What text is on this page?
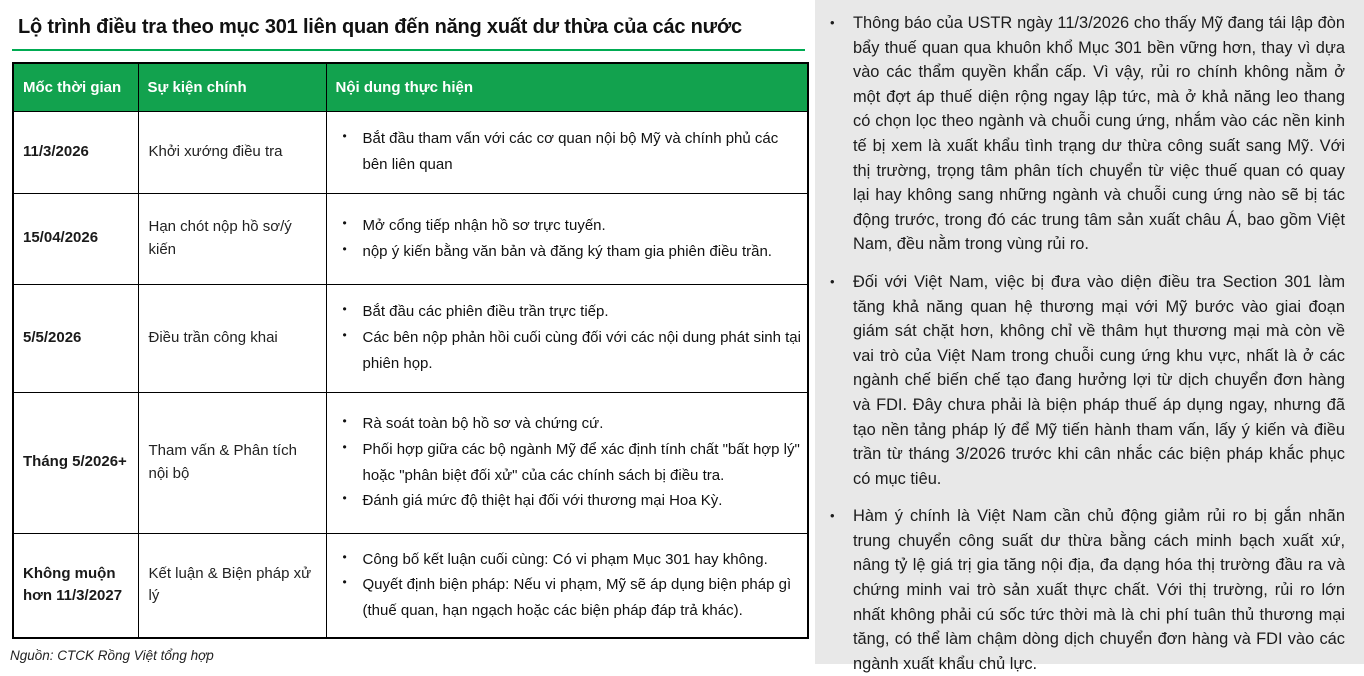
Lộ trình điều tra theo mục 301 liên quan đến năng xuất dư thừa của các nước
Mốc thời gian	Sự kiện chính	Nội dung thực hiện
11/3/2026	Khởi xướng điều tra	
• Bắt đầu tham vấn với các cơ quan nội bộ Mỹ và chính phủ các bên liên quan

15/04/2026	Hạn chót nộp hồ sơ/ý kiến	
• Mở cổng tiếp nhận hồ sơ trực tuyến.
• nộp ý kiến bằng văn bản và đăng ký tham gia phiên điều trần.

5/5/2026	Điều trần công khai	
• Bắt đầu các phiên điều trần trực tiếp.
• Các bên nộp phản hồi cuối cùng đối với các nội dung phát sinh tại phiên họp.

Tháng 5/2026+	Tham vấn & Phân tích nội bộ	
• Rà soát toàn bộ hồ sơ và chứng cứ.
• Phối hợp giữa các bộ ngành Mỹ để xác định tính chất "bất hợp lý" hoặc "phân biệt đối xử" của các chính sách bị điều tra.
• Đánh giá mức độ thiệt hại đối với thương mại Hoa Kỳ.

Không muộn hơn 11/3/2027	Kết luận & Biện pháp xử lý	
• Công bố kết luận cuối cùng: Có vi phạm Mục 301 hay không.
• Quyết định biện pháp: Nếu vi phạm, Mỹ sẽ áp dụng biện pháp gì (thuế quan, hạn ngạch hoặc các biện pháp đáp trả khác).
Nguồn: CTCK Rồng Việt tổng hợp
• Thông báo của USTR ngày 11/3/2026 cho thấy Mỹ đang tái lập đòn bẩy thuế quan qua khuôn khổ Mục 301 bền vững hơn, thay vì dựa vào các thẩm quyền khẩn cấp. Vì vậy, rủi ro chính không nằm ở một đợt áp thuế diện rộng ngay lập tức, mà ở khả năng leo thang có chọn lọc theo ngành và chuỗi cung ứng, nhắm vào các nền kinh tế bị xem là xuất khẩu tình trạng dư thừa công suất sang Mỹ. Với thị trường, trọng tâm phân tích chuyển từ việc thuế quan có quay lại hay không sang những ngành và chuỗi cung ứng nào sẽ bị tác động trước, trong đó các trung tâm sản xuất châu Á, bao gồm Việt Nam, đều nằm trong vùng rủi ro.
• Đối với Việt Nam, việc bị đưa vào diện điều tra Section 301 làm tăng khả năng quan hệ thương mại với Mỹ bước vào giai đoạn giám sát chặt hơn, không chỉ về thâm hụt thương mại mà còn về vai trò của Việt Nam trong chuỗi cung ứng khu vực, nhất là ở các ngành chế biến chế tạo đang hưởng lợi từ dịch chuyển đơn hàng và FDI. Đây chưa phải là biện pháp thuế áp dụng ngay, nhưng đã tạo nền tảng pháp lý để Mỹ tiến hành tham vấn, lấy ý kiến và điều trần từ tháng 3/2026 trước khi cân nhắc các biện pháp khắc phục có mục tiêu.
• Hàm ý chính là Việt Nam cần chủ động giảm rủi ro bị gắn nhãn trung chuyển công suất dư thừa bằng cách minh bạch xuất xứ, nâng tỷ lệ giá trị gia tăng nội địa, đa dạng hóa thị trường đầu ra và chứng minh vai trò sản xuất thực chất. Với thị trường, rủi ro lớn nhất không phải cú sốc tức thời mà là chi phí tuân thủ thương mại tăng, có thể làm chậm dòng dịch chuyển đơn hàng và FDI vào các ngành xuất khẩu chủ lực.
